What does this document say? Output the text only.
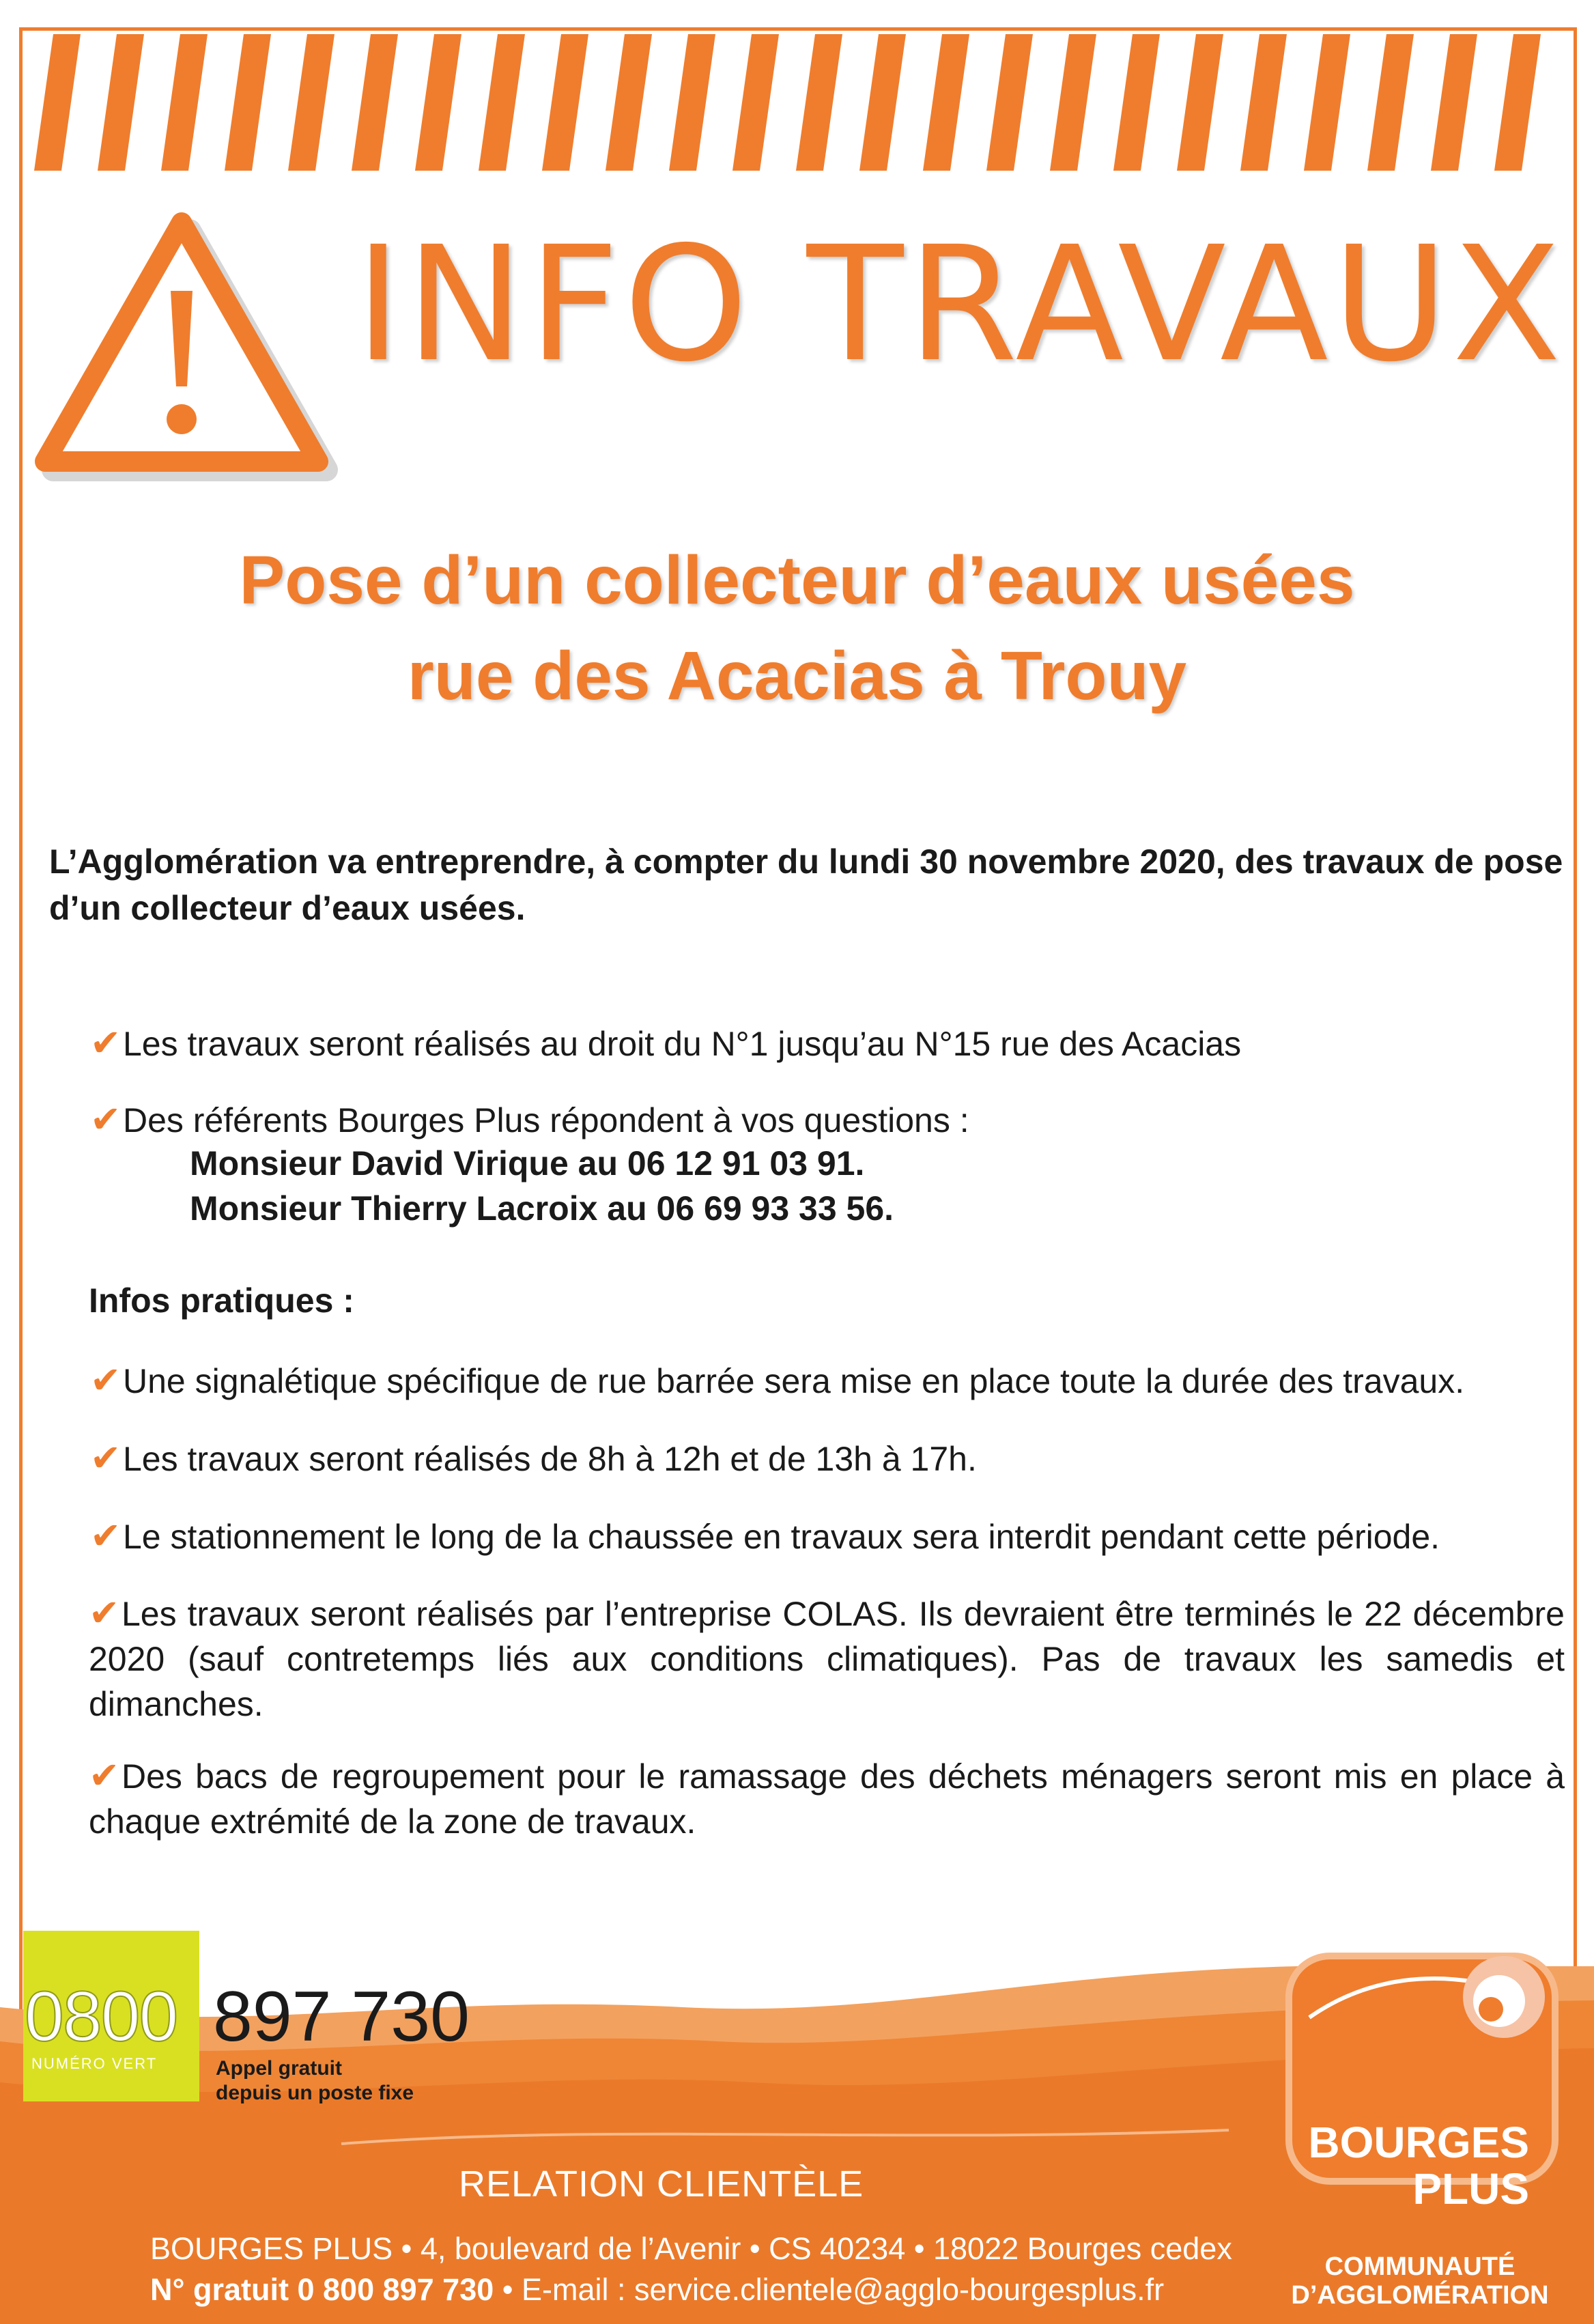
INFO TRAVAUX
Pose d’un collecteur d’eaux usées
rue des Acacias à Trouy
L’Agglomération va entreprendre, à compter du lundi 30 novembre 2020, des travaux de pose d’un collecteur d’eaux usées.
✔Les travaux seront réalisés au droit du N°1 jusqu’au N°15 rue des Acacias
✔Des référents Bourges Plus répondent à vos questions :
Monsieur David Virique au 06 12 91 03 91.
Monsieur Thierry Lacroix au 06 69 93 33 56.
Infos pratiques :
✔Une signalétique spécifique de rue barrée sera mise en place toute la durée des travaux.
✔Les travaux seront réalisés de 8h à 12h et de 13h à 17h.
✔Le stationnement le long de la chaussée en travaux sera interdit pendant cette période.
✔Les travaux seront réalisés par l’entreprise COLAS. Ils devraient être terminés le 22 décembre 2020 (sauf contretemps liés aux conditions climatiques). Pas de travaux les samedis et dimanches.
✔Des bacs de regroupement pour le ramassage des déchets ménagers seront mis en place à chaque extrémité de la zone de travaux.
0800
NUMÉRO VERT
897 730
Appel gratuit
depuis un poste fixe
RELATION CLIENTÈLE
BOURGES PLUS • 4, boulevard de l’Avenir • CS 40234 • 18022 Bourges cedex
N° gratuit 0 800 897 730 • E-mail : service.clientele@agglo-bourgesplus.fr
BOURGES
PLUS
COMMUNAUTÉ
D’AGGLOMÉRATION
